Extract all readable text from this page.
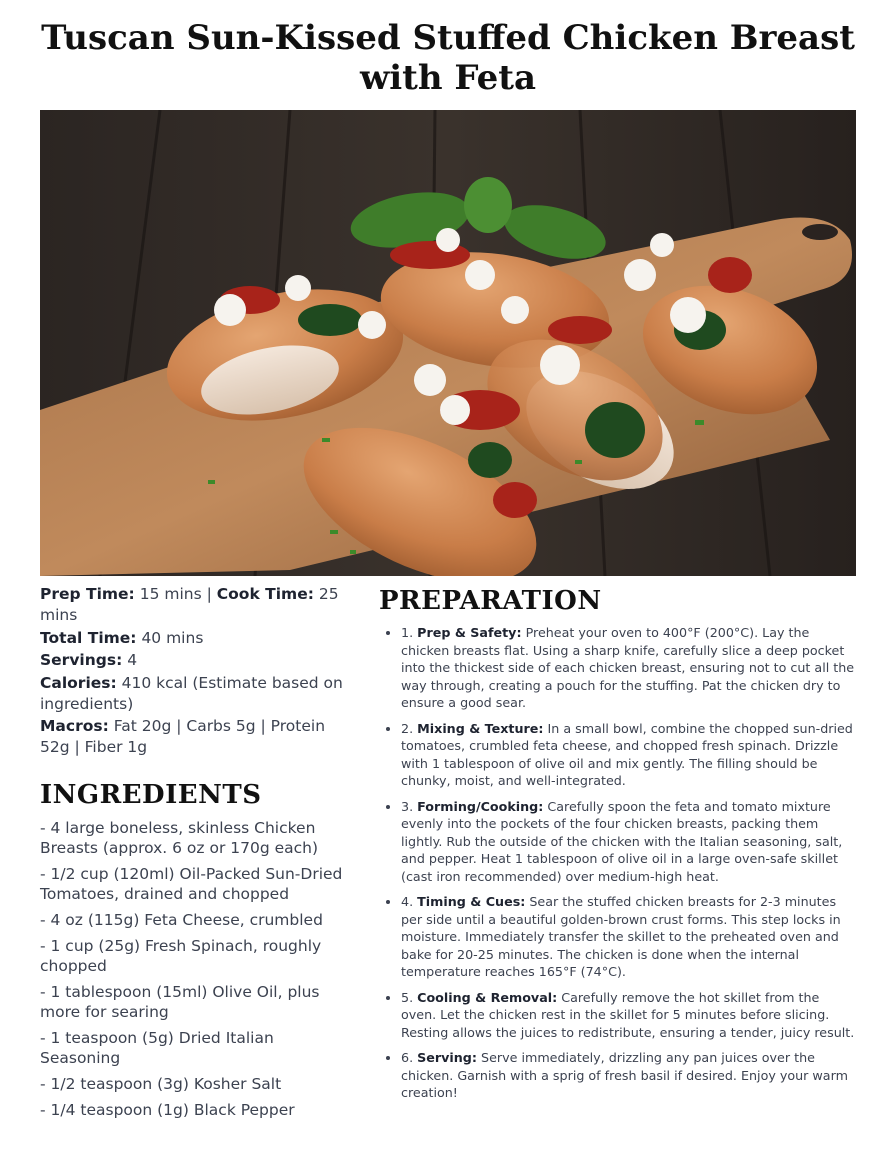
Tuscan Sun-Kissed Stuffed Chicken Breast with Feta

Prep Time: 15 mins | Cook Time: 25 mins

Total Time: 40 mins

Servings: 4

Calories: 410 kcal (Estimate based on ingredients)

Macros: Fat 20g | Carbs 5g | Protein 52g | Fiber 1g

INGREDIENTS
- 4 large boneless, skinless Chicken Breasts (approx. 6 oz or 170g each)
- 1/2 cup (120ml) Oil-Packed Sun-Dried Tomatoes, drained and chopped
- 4 oz (115g) Feta Cheese, crumbled
- 1 cup (25g) Fresh Spinach, roughly chopped
- 1 tablespoon (15ml) Olive Oil, plus more for searing
- 1 teaspoon (5g) Dried Italian Seasoning
- 1/2 teaspoon (3g) Kosher Salt
- 1/4 teaspoon (1g) Black Pepper
PREPARATION
• 1. Prep & Safety: Preheat your oven to 400°F (200°C). Lay the chicken breasts flat. Using a sharp knife, carefully slice a deep pocket into the thickest side of each chicken breast, ensuring not to cut all the way through, creating a pouch for the stuffing. Pat the chicken dry to ensure a good sear.
• 2. Mixing & Texture: In a small bowl, combine the chopped sun-dried tomatoes, crumbled feta cheese, and chopped fresh spinach. Drizzle with 1 tablespoon of olive oil and mix gently. The filling should be chunky, moist, and well-integrated.
• 3. Forming/Cooking: Carefully spoon the feta and tomato mixture evenly into the pockets of the four chicken breasts, packing them lightly. Rub the outside of the chicken with the Italian seasoning, salt, and pepper. Heat 1 tablespoon of olive oil in a large oven-safe skillet (cast iron recommended) over medium-high heat.
• 4. Timing & Cues: Sear the stuffed chicken breasts for 2-3 minutes per side until a beautiful golden-brown crust forms. This step locks in moisture. Immediately transfer the skillet to the preheated oven and bake for 20-25 minutes. The chicken is done when the internal temperature reaches 165°F (74°C).
• 5. Cooling & Removal: Carefully remove the hot skillet from the oven. Let the chicken rest in the skillet for 5 minutes before slicing. Resting allows the juices to redistribute, ensuring a tender, juicy result.
• 6. Serving: Serve immediately, drizzling any pan juices over the chicken. Garnish with a sprig of fresh basil if desired. Enjoy your warm creation!
